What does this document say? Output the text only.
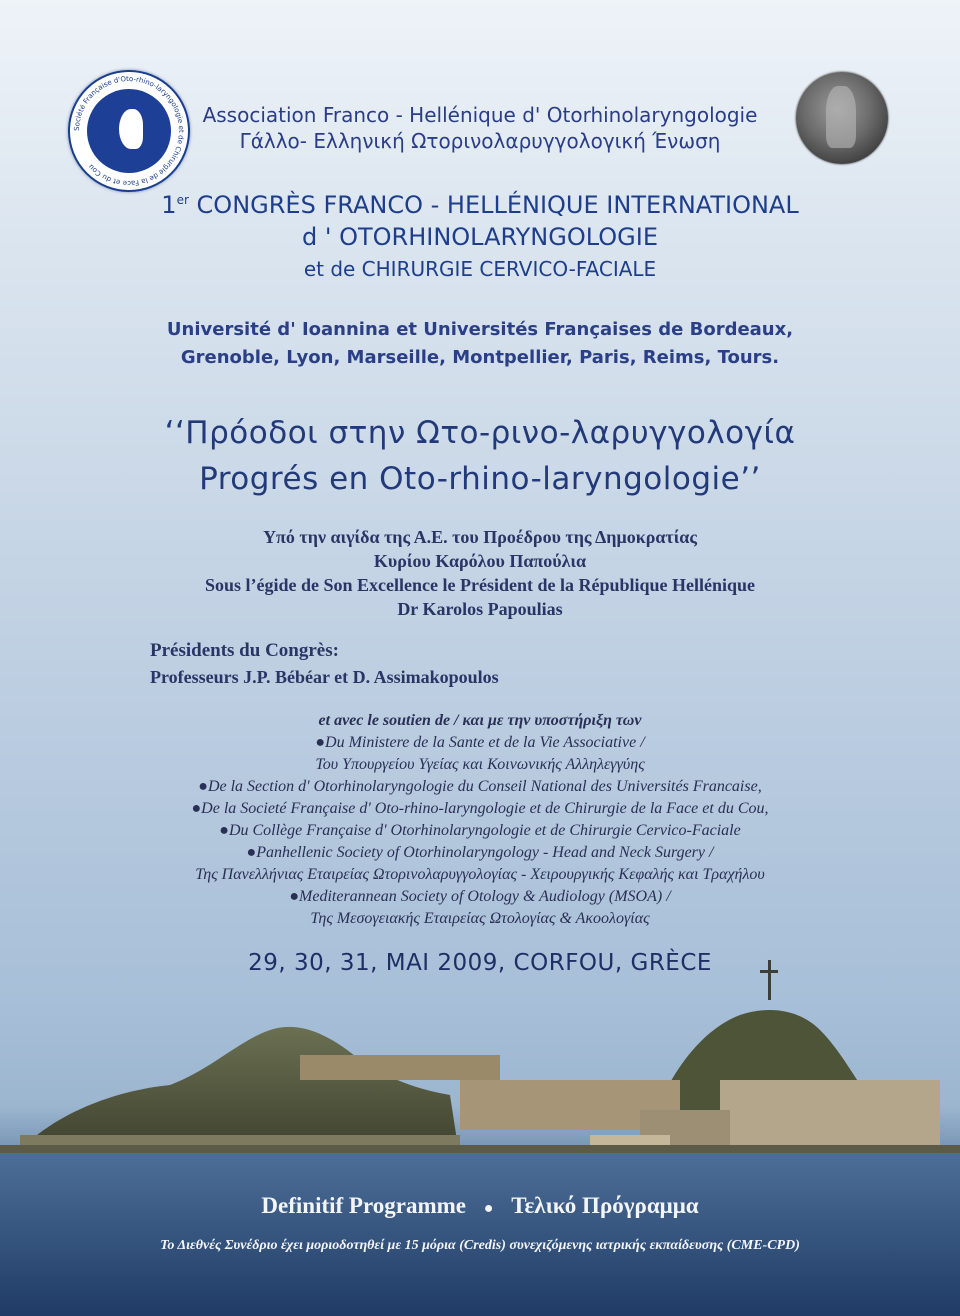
Société Française d'Oto-rhino-laryngologie et de Chirurgie de la Face et du Cou
Association Franco - Hellénique d' Otorhinolaryngologie
Γάλλο- Ελληνική Ωτορινολαρυγγολογική Ένωση
1er CONGRÈS FRANCO - HELLÉNIQUE INTERNATIONAL
d ' OTORHINOLARYNGOLOGIE
et de CHIRURGIE CERVICO-FACIALE
Université d' Ioannina et Universités Françaises de Bordeaux,
Grenoble, Lyon, Marseille, Montpellier, Paris, Reims, Tours.
‘‘Πρόοδοι στην Ωτο-ρινο-λαρυγγολογία
Progrés en Oto-rhino-laryngologie’’
Υπό την αιγίδα της Α.Ε. του Προέδρου της Δημοκρατίας
Κυρίου Καρόλου Παπούλια
Sous l’égide de Son Excellence le Président de la République Hellénique
Dr Karolos Papoulias
Présidents du Congrès:
Professeurs J.P. Bébéar et D. Assimakopoulos
et avec le soutien de / και με την υποστήριξη των
●Du Ministere de la Sante et de la Vie Associative /
Του Υπουργείου Υγείας και Κοινωνικής Αλληλεγγύης
●De la Section d' Otorhinolaryngologie du Conseil National des Universités Francaise,
●De la Societé Française d' Oto-rhino-laryngologie et de Chirurgie de la Face et du Cou,
●Du Collège Française d' Otorhinolaryngologie et de Chirurgie Cervico-Faciale
●Panhellenic Society of Otorhinolaryngology - Head and Neck Surgery /
Της Πανελλήνιας Εταιρείας Ωτορινολαρυγγολογίας - Χειρουργικής Κεφαλής και Τραχήλου
●Mediterannean Society of Otology & Audiology (MSOA) /
Της Μεσογειακής Εταιρείας Ωτολογίας & Ακοολογίας
29, 30, 31, MAI 2009, CORFOU, GRÈCE
Definitif Programme ● Τελικό Πρόγραμμα
Το Διεθνές Συνέδριο έχει μοριοδοτηθεί με 15 μόρια (Credis) συνεχιζόμενης ιατρικής εκπαίδευσης (CME-CPD)
